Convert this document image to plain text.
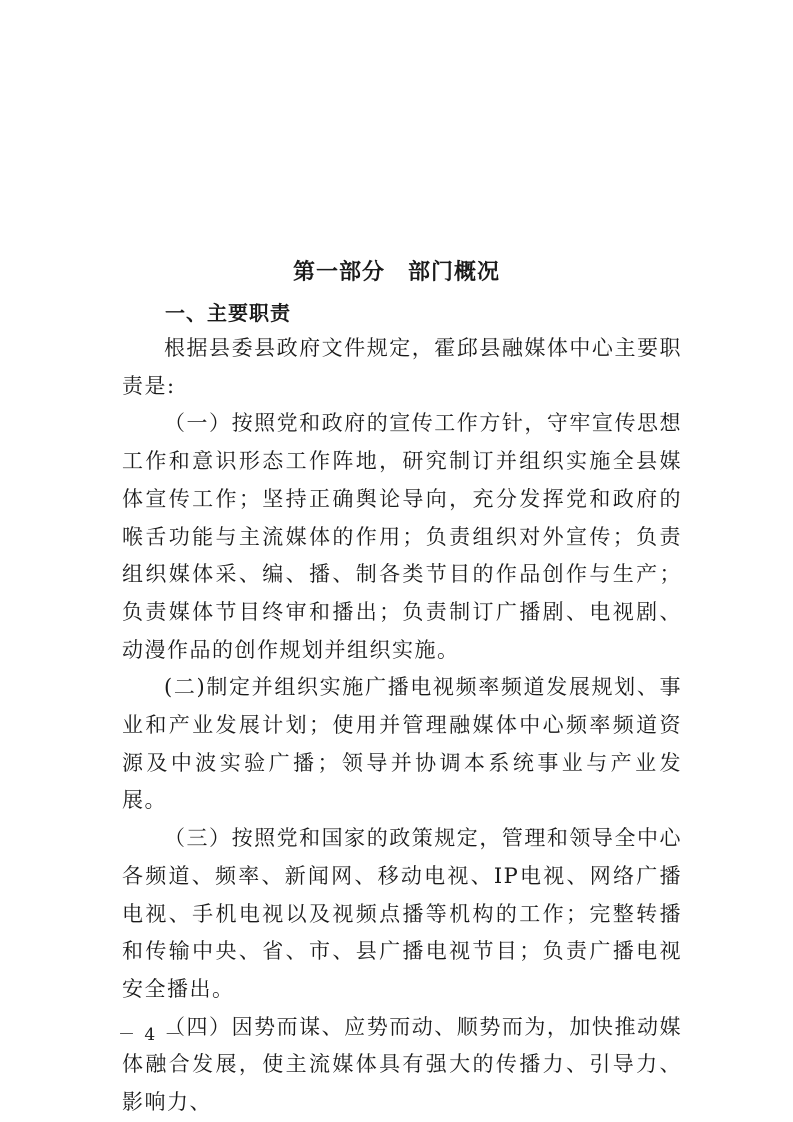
第一部分　部门概况
一、主要职责

根据县委县政府文件规定，霍邱县融媒体中心主要职责是:

（一）按照党和政府的宣传工作方针，守牢宣传思想工作和意识形态工作阵地，研究制订并组织实施全县媒体宣传工作；坚持正确舆论导向，充分发挥党和政府的喉舌功能与主流媒体的作用；负责组织对外宣传；负责组织媒体采、编、播、制各类节目的作品创作与生产；负责媒体节目终审和播出；负责制订广播剧、电视剧、动漫作品的创作规划并组织实施。

(二)制定并组织实施广播电视频率频道发展规划、事业和产业发展计划；使用并管理融媒体中心频率频道资源及中波实验广播；领导并协调本系统事业与产业发展。

（三）按照党和国家的政策规定，管理和领导全中心各频道、频率、新闻网、移动电视、IP电视、网络广播电视、手机电视以及视频点播等机构的工作；完整转播和传输中央、省、市、县广播电视节目；负责广播电视安全播出。

（四）因势而谋、应势而动、顺势而为，加快推动媒体融合发展，使主流媒体具有强大的传播力、引导力、影响力、

－ 4 －
